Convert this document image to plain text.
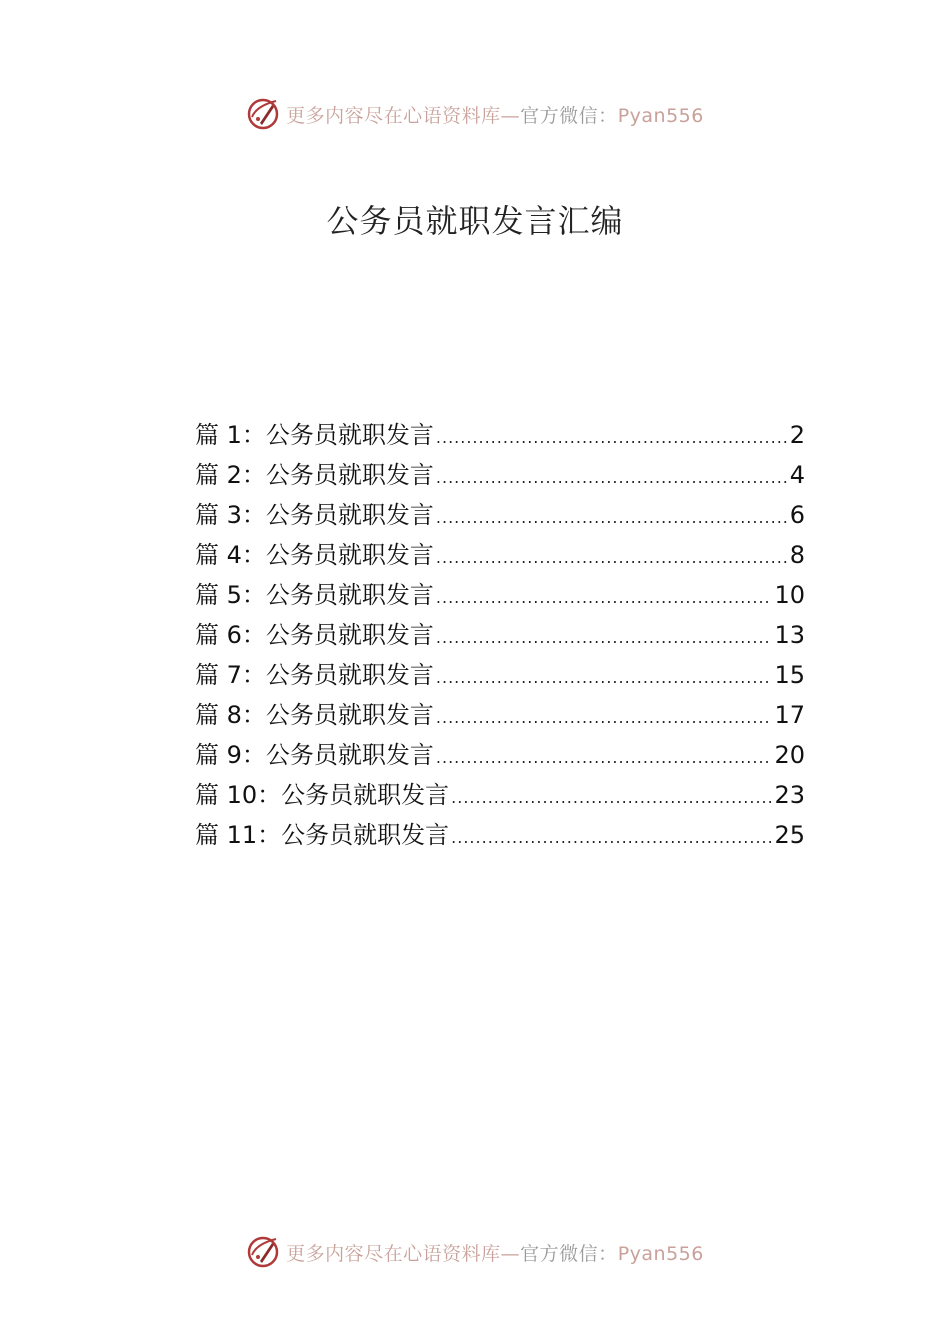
更多内容尽在心语资料库—官方微信：Pyan556
公务员就职发言汇编
篇 1：公务员就职发言 .....	2
篇 2：公务员就职发言 .....	4
篇 3：公务员就职发言 .....	6
篇 4：公务员就职发言 .....	8
篇 5：公务员就职发言 .....	10
篇 6：公务员就职发言 .....	13
篇 7：公务员就职发言 .....	15
篇 8：公务员就职发言 .....	17
篇 9：公务员就职发言 .....	20
篇 10：公务员就职发言 .....	23
篇 11：公务员就职发言 .....	25
更多内容尽在心语资料库—官方微信：Pyan556
